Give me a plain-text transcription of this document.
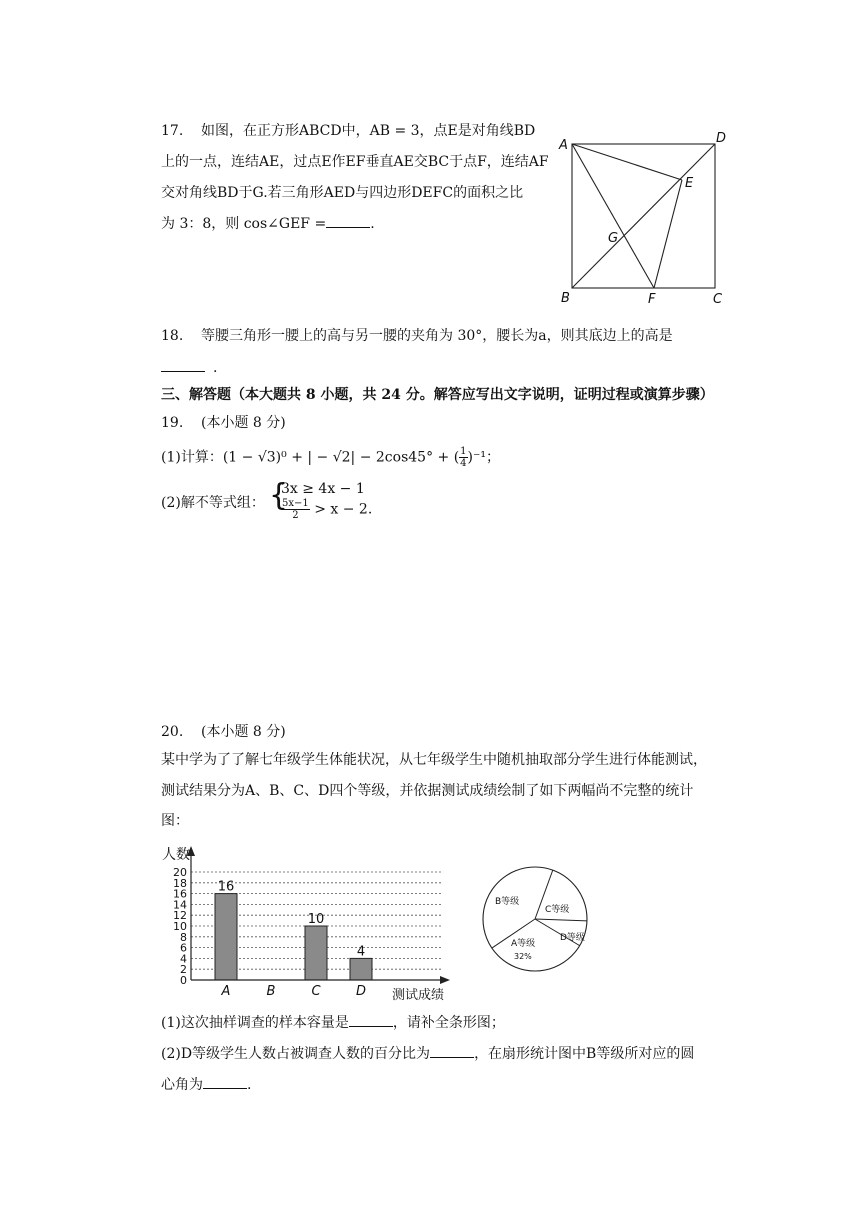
17. 如图，在正方形ABCD中，AB = 3，点E是对角线BD
上的一点，连结AE，过点E作EF垂直AE交BC于点F，连结AF
交对角线BD于G.若三角形AED与四边形DEFC的面积之比
为 3：8，则 cos∠GEF =	.
A	D
E
G
B	F	C
18. 等腰三角形一腰上的高与另一腰的夹角为 30°，腰长为a，则其底边上的高是
.
三、解答题（本大题共 8 小题，共 24 分。解答应写出文字说明，证明过程或演算步骤）
19. (本小题 8 分)
(1)计算：(1 − √3)⁰ + | − √2| − 2cos45° + ( $\frac{1}{4} )^{-1}$；
(2)解不等式组： {
3x ≥ 4x − 1
$\frac{5x-1}{2} > x - 2$.
20. (本小题 8 分)
某中学为了了解七年级学生体能状况，从七年级学生中随机抽取部分学生进行体能测试，
测试结果分为A、B、C、D四个等级，并依据测试成绩绘制了如下两幅尚不完整的统计
图：
0
2
4
6
8
10
12
14
16
18
20
16
10
4
A	B	C	D
人数
测试成绩
B等级
C等级
D等级
A等级
32%
(1)这次抽样调查的样本容量是	，请补全条形图；
(2)D等级学生人数占被调查人数的百分比为	，在扇形统计图中B等级所对应的圆
心角为	.
